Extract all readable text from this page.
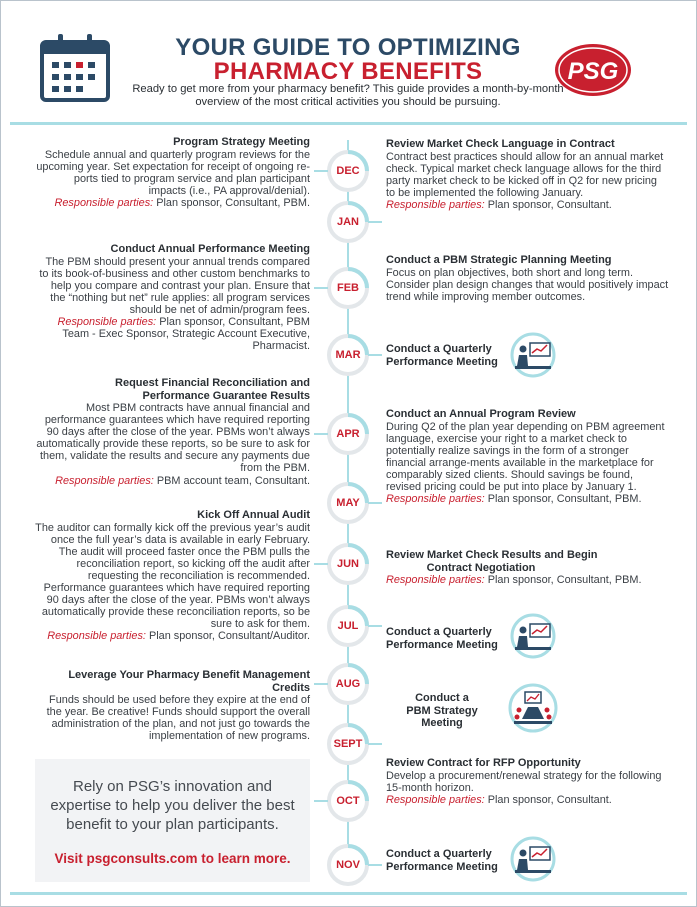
YOUR GUIDE TO OPTIMIZING
PHARMACY BENEFITS
Ready to get more from your pharmacy benefit? This guide provides a month-by-month overview of the most critical activities you should be pursuing.
PSG
DEC
JAN
FEB
MAR
APR
MAY
JUN
JUL
AUG
SEPT
OCT
NOV
Program Strategy Meeting
Schedule annual and quarterly program reviews for the upcoming year. Set expectation for receipt of ongoing re-ports tied to program service and plan participant impacts (i.e., PA approval/denial).
Responsible parties: Plan sponsor, Consultant, PBM.
Conduct Annual Performance Meeting
The PBM should present your annual trends compared to its book-of-business and other custom benchmarks to help you compare and contrast your plan. Ensure that the “nothing but net” rule applies: all program services should be net of admin/program fees.
Responsible parties: Plan sponsor, Consultant, PBM Team - Exec Sponsor, Strategic Account Executive, Pharmacist.
Request Financial Reconciliation and Performance Guarantee Results
Most PBM contracts have annual financial and performance guarantees which have required reporting 90 days after the close of the year. PBMs won’t always automatically provide these reports, so be sure to ask for them, validate the results and secure any payments due from the PBM.
Responsible parties: PBM account team, Consultant.
Kick Off Annual Audit
The auditor can formally kick off the previous year’s audit once the full year’s data is available in early February. The audit will proceed faster once the PBM pulls the reconciliation report, so kicking off the audit after requesting the reconciliation is recommended. Performance guarantees which have required reporting 90 days after the close of the year. PBMs won’t always automatically provide these reconciliation reports, so be sure to ask for them.
Responsible parties: Plan sponsor, Consultant/Auditor.
Leverage Your Pharmacy Benefit Management Credits
Funds should be used before they expire at the end of the year. Be creative! Funds should support the overall administration of the plan, and not just go towards the implementation of new programs.
Review Market Check Language in Contract
Contract best practices should allow for an annual market check. Typical market check language allows for the third party market check to be kicked off in Q2 for new pricing to be implemented the following January.
Responsible parties: Plan sponsor, Consultant.
Conduct a PBM Strategic Planning Meeting
Focus on plan objectives, both short and long term. Consider plan design changes that would positively impact trend while improving member outcomes.
Conduct a Quarterly
Performance Meeting
Conduct an Annual Program Review
During Q2 of the plan year depending on PBM agreement language, exercise your right to a market check to potentially realize savings in the form of a stronger financial arrange-ments available in the marketplace for comparably sized clients. Should savings be found, revised pricing could be put into place by January 1.
Responsible parties: Plan sponsor, Consultant, PBM.
Review Market Check Results and Begin
Contract Negotiation
Responsible parties: Plan sponsor, Consultant, PBM.
Conduct a Quarterly
Performance Meeting
Conduct a
PBM Strategy Meeting
Review Contract for RFP Opportunity
Develop a procurement/renewal strategy for the following 15-month horizon.
Responsible parties: Plan sponsor, Consultant.
Conduct a Quarterly
Performance Meeting
Rely on PSG’s innovation and expertise to help you deliver the best benefit to your plan participants.
Visit psgconsults.com to learn more.
